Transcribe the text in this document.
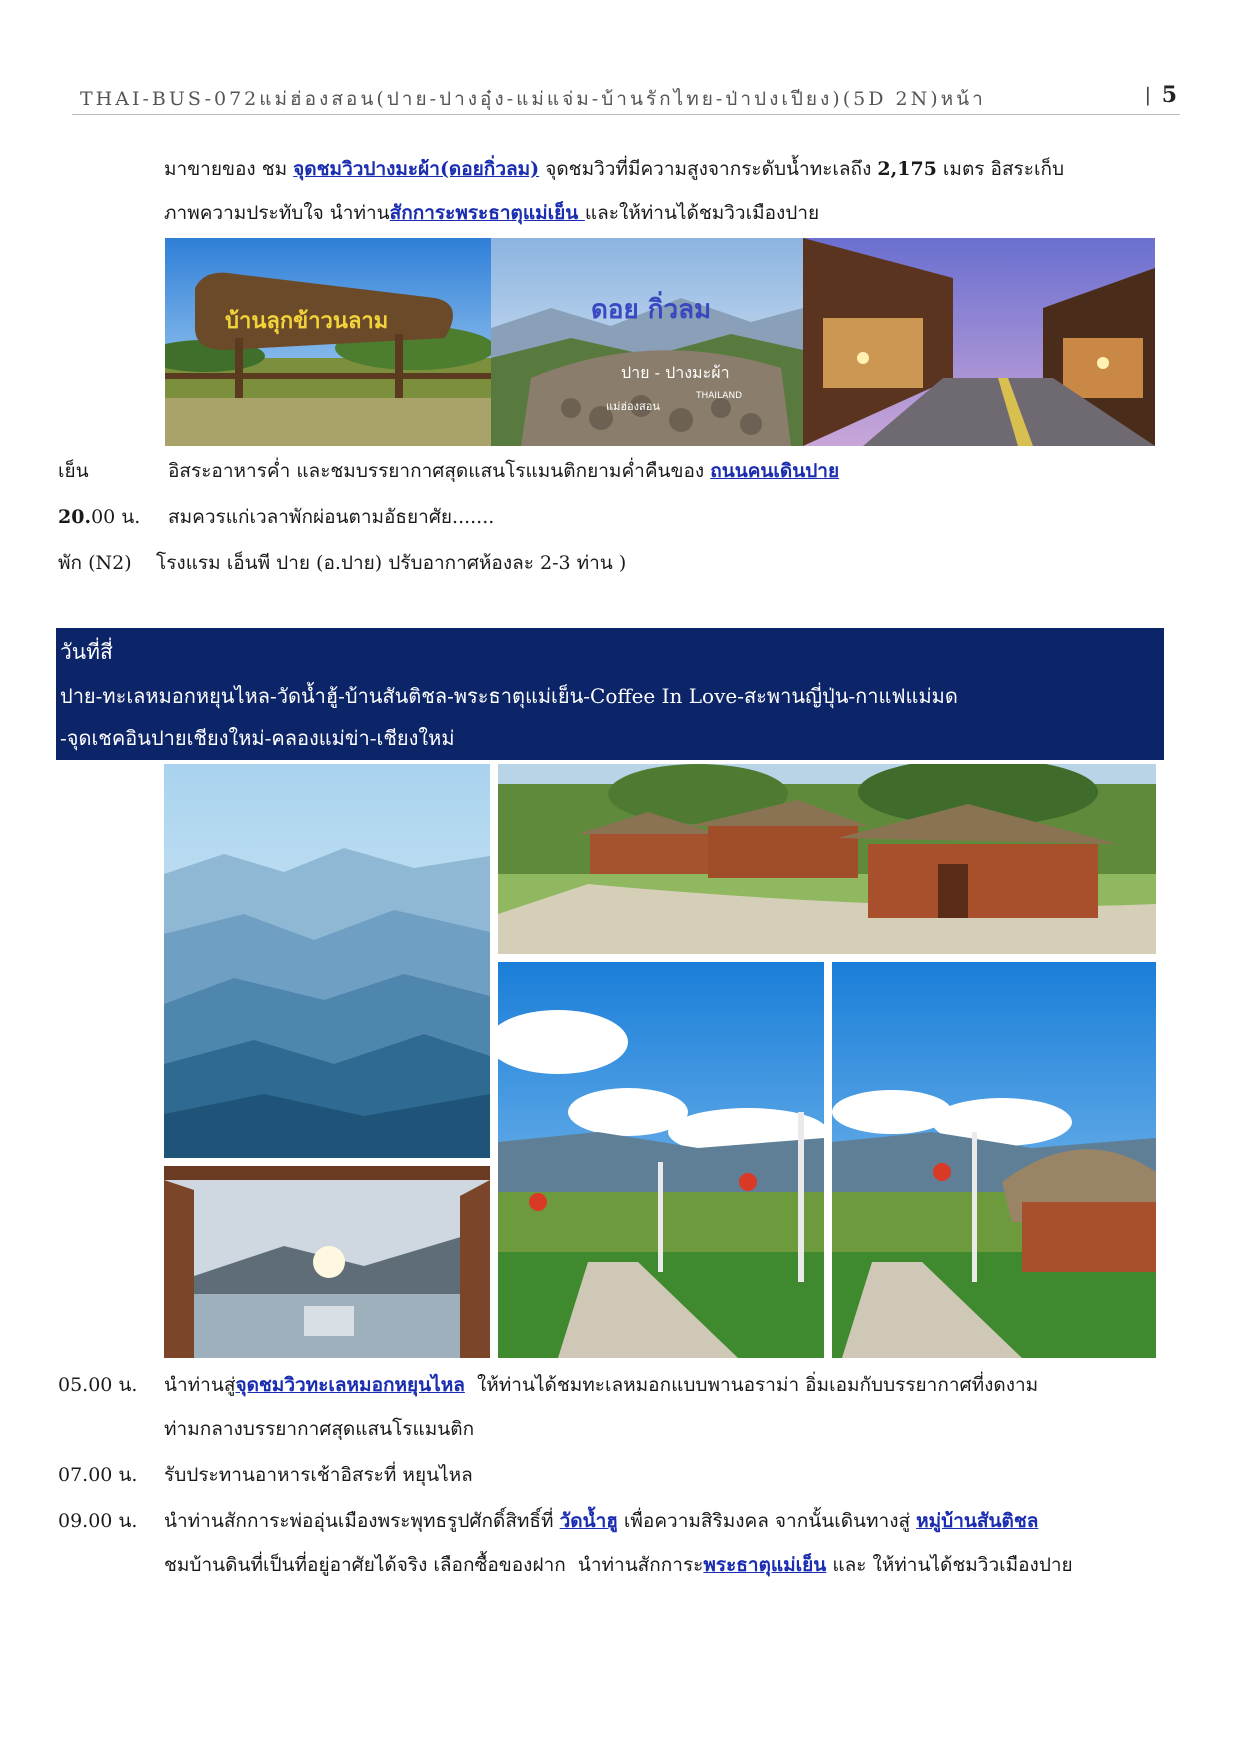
THAI-BUS-072แม่ฮ่องสอน(ปาย-ปางอุ๋ง-แม่แจ่ม-บ้านรักไทย-ป่าปงเปียง)(5D 2N)หน้า	| 5
มาขายของ ชม จุดชมวิวปางมะผ้า(ดอยกิ่วลม) จุดชมวิวที่มีความสูงจากระดับน้ำทะเลถึง 2,175 เมตร อิสระเก็บ
ภาพความประทับใจ นำท่านสักการะพระธาตุแม่เย็น และให้ท่านได้ชมวิวเมืองปาย
บ้านลุกข้าวนลาม	ดอย กิ่วลม
ปาย - ปางมะผ้า
THAILAND
แม่ฮ่องสอน
เย็น	อิสระอาหารค่ำ และชมบรรยากาศสุดแสนโรแมนติกยามค่ำคืนของ ถนนคนเดินปาย
20.00 น. สมควรแก่เวลาพักผ่อนตามอัธยาศัย.......
พัก (N2) โรงแรม เอ็นพี ปาย (อ.ปาย) ปรับอากาศห้องละ 2-3 ท่าน )
วันที่สี่
ปาย-ทะเลหมอกหยุนไหล-วัดน้ำฮู้-บ้านสันติชล-พระธาตุแม่เย็น-Coffee In Love-สะพานญี่ปุ่น-กาแฟแม่มด
-จุดเชคอินปายเชียงใหม่-คลองแม่ข่า-เชียงใหม่
05.00 น. นำท่านสู่จุดชมวิวทะเลหมอกหยุนไหล  ให้ท่านได้ชมทะเลหมอกแบบพานอราม่า อิ่มเอมกับบรรยากาศที่งดงาม
ท่ามกลางบรรยากาศสุดแสนโรแมนติก
07.00 น. รับประทานอาหารเช้าอิสระที่ หยุนไหล
09.00 น. นำท่านสักการะพ่ออุ่นเมืองพระพุทธรูปศักดิ์สิทธิ์ที่ วัดน้ำฮู เพื่อความสิริมงคล จากนั้นเดินทางสู่ หมู่บ้านสันติชล
ชมบ้านดินที่เป็นที่อยู่อาศัยได้จริง เลือกซื้อของฝาก  นำท่านสักการะพระธาตุแม่เย็น และ ให้ท่านได้ชมวิวเมืองปาย
